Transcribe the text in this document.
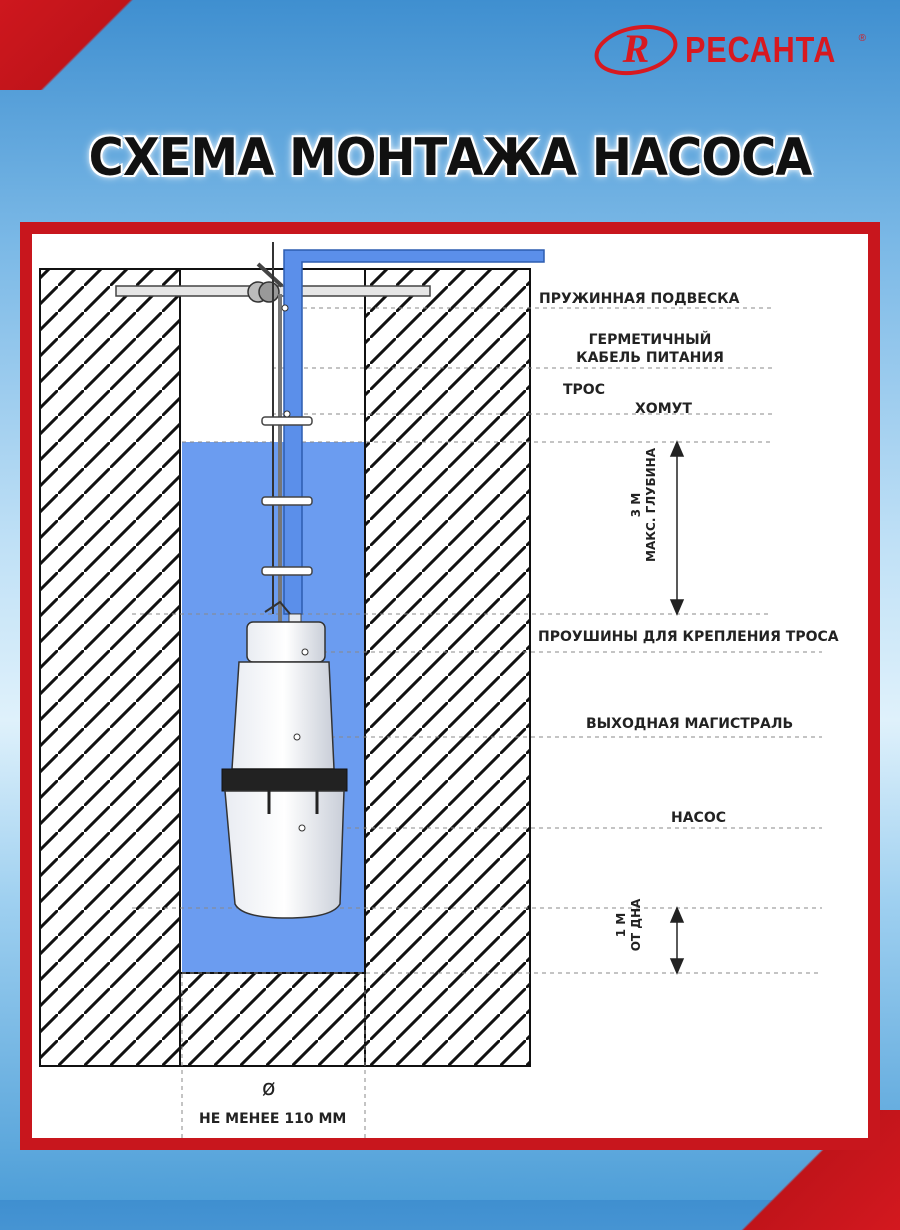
R РЕСАНТА ®
СХЕМА МОНТАЖА НАСОСА
ПРУЖИННАЯ ПОДВЕСКА
ГЕРМЕТИЧНЫЙ
КАБЕЛЬ ПИТАНИЯ
ТРОС
ХОМУТ
ПРОУШИНЫ ДЛЯ КРЕПЛЕНИЯ ТРОСА
ВЫХОДНАЯ МАГИСТРАЛЬ
НАСОС
3 М МАКС. ГЛУБИНА
1 М ОТ ДНА
ø
НЕ МЕНЕЕ 110 ММ
